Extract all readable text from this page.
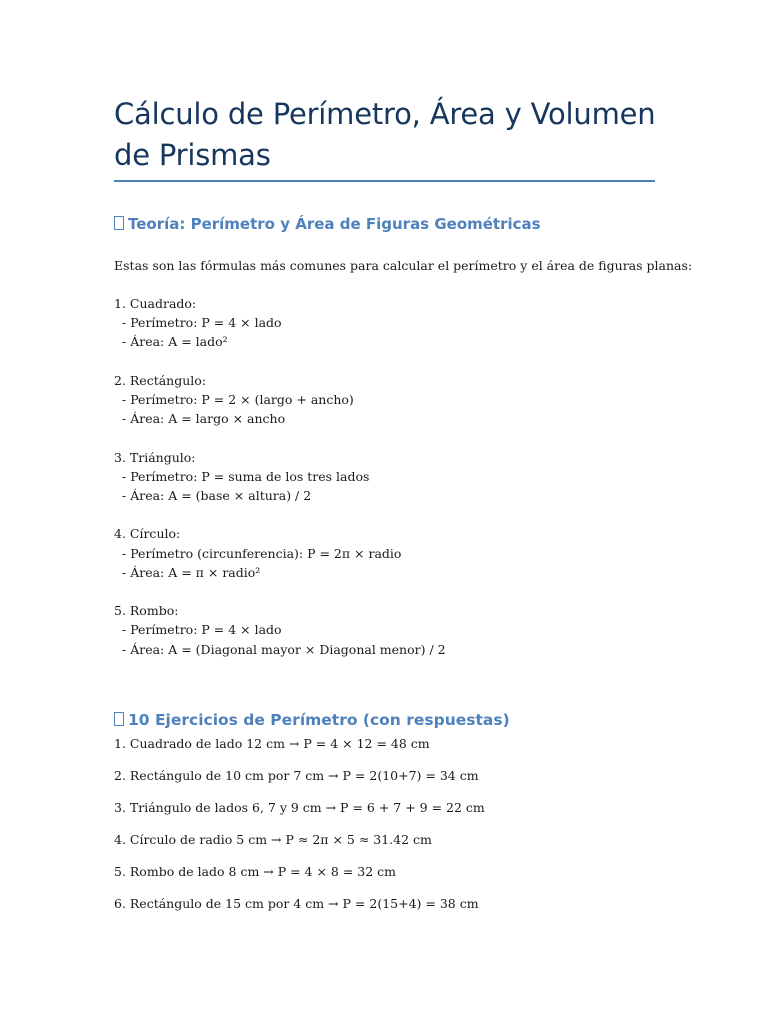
Cálculo de Perímetro, Área y Volumen de Prismas
Teoría: Perímetro y Área de Figuras Geométricas

Estas son las fórmulas más comunes para calcular el perímetro y el área de figuras planas:

1. Cuadrado:
- Perímetro: P = 4 × lado
- Área: A = lado²
2. Rectángulo:
- Perímetro: P = 2 × (largo + ancho)
- Área: A = largo × ancho
3. Triángulo:
- Perímetro: P = suma de los tres lados
- Área: A = (base × altura) / 2
4. Círculo:
- Perímetro (circunferencia): P = 2π × radio
- Área: A = π × radio²
5. Rombo:
- Perímetro: P = 4 × lado
- Área: A = (Diagonal mayor × Diagonal menor) / 2
10 Ejercicios de Perímetro (con respuestas)
1. Cuadrado de lado 12 cm → P = 4 × 12 = 48 cm
2. Rectángulo de 10 cm por 7 cm → P = 2(10+7) = 34 cm
3. Triángulo de lados 6, 7 y 9 cm → P = 6 + 7 + 9 = 22 cm
4. Círculo de radio 5 cm → P ≈ 2π × 5 ≈ 31.42 cm
5. Rombo de lado 8 cm → P = 4 × 8 = 32 cm
6. Rectángulo de 15 cm por 4 cm → P = 2(15+4) = 38 cm
